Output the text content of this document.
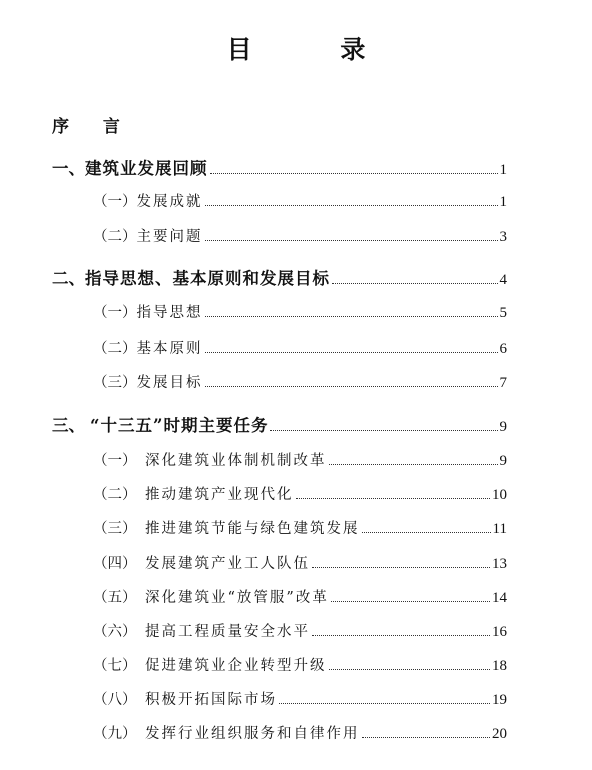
目 录
序 言
一、 建筑业发展回顾	1
（一） 发展成就	1
（二） 主要问题	3
二、 指导思想、基本原则和发展目标	4
（一） 指导思想	5
（二） 基本原则	6
（三） 发展目标	7
三、 “十三五”时期主要任务	9
（一） 深化建筑业体制机制改革	9
（二） 推动建筑产业现代化	10
（三） 推进建筑节能与绿色建筑发展	11
（四） 发展建筑产业工人队伍	13
（五） 深化建筑业“放管服”改革	14
（六） 提高工程质量安全水平	16
（七） 促进建筑业企业转型升级	18
（八） 积极开拓国际市场	19
（九） 发挥行业组织服务和自律作用	20
